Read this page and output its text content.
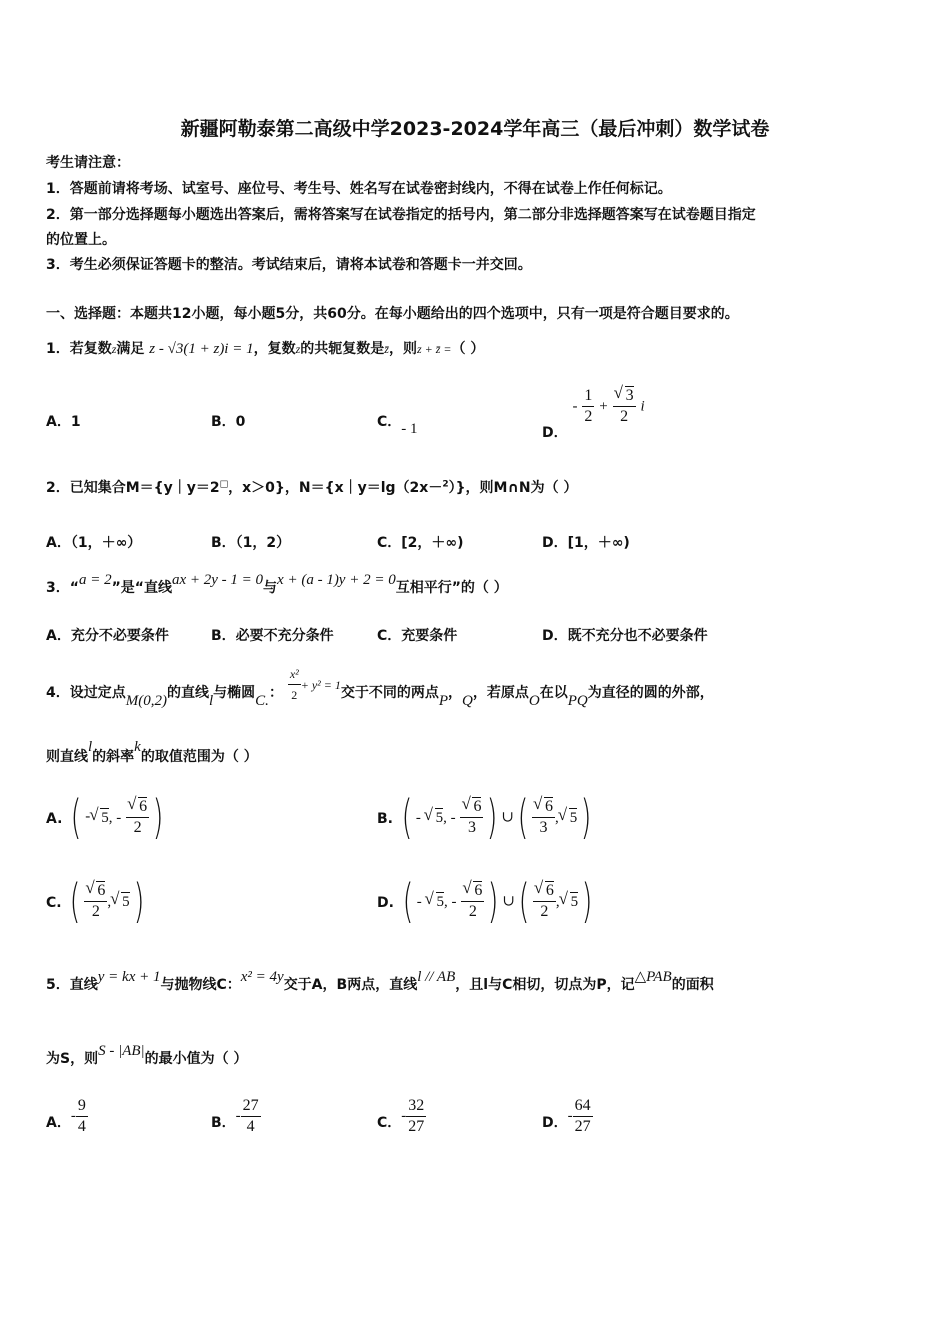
新疆阿勒泰第二高级中学2023-2024学年高三（最后冲刺）数学试卷
考生请注意：
1．答题前请将考场、试室号、座位号、考生号、姓名写在试卷密封线内，不得在试卷上作任何标记。
2．第一部分选择题每小题选出答案后，需将答案写在试卷指定的括号内，第二部分非选择题答案写在试卷题目指定
的位置上。
3．考生必须保证答题卡的整洁。考试结束后，请将本试卷和答题卡一并交回。
一、选择题：本题共12小题，每小题5分，共60分。在每小题给出的四个选项中，只有一项是符合题目要求的。
1．若复数z满足 z - √3(1 + z)i = 1，复数z的共轭复数是z̄，则z + z̄ =（ ）
A．1	B．0	C．- 1	D． - $\frac{1}{2}$ + √ $\frac{3}{2}$ i
2．已知集合M＝{y｜y＝2□，x＞0}，N＝{x｜y＝lg（2x－$^2$）}，则M∩N为（ ）
A．（1，＋∞）	B．（1，2）	C．[2，＋∞)	D．[1，＋∞)
3．“a = 2”是“直线ax + 2y - 1 = 0与x + (a - 1)y + 2 = 0互相平行”的（ ）
A．充分不必要条件	B．必要不充分条件	C．充要条件	D．既不充分也不必要条件
4．设过定点M(0,2)的直线l与椭圆C.： $\frac{\text{x²}}{2} + y^2 = 1$交于不同的两点P，Q，若原点O在以PQ为直径的圆的外部，
则直线l的斜率k的取值范围为（ ）
A. ( - √ 5, - √ $\frac{6}{2}$ )	B. ( - √ 5, - √ $\frac{6}{3}$ ) ∪( √ $\frac{6}{3}$ , √ 5)
C. ( √ $\frac{6}{2}$ , √ 5)	D. ( - √ 5, - √ $\frac{6}{2}$ ) ∪( √ $\frac{6}{2}$ , √ 5)
5．直线y = kx + 1与抛物线C：x² = 4y交于A，B两点，直线l // AB，且l与C相切，切点为P，记△PAB的面积
为S，则S - |AB|的最小值为（ ）
A．- $\frac{9}{4}$	B．- $\frac{27}{4}$	C．- $\frac{32}{27}$	D．- $\frac{64}{27}$
